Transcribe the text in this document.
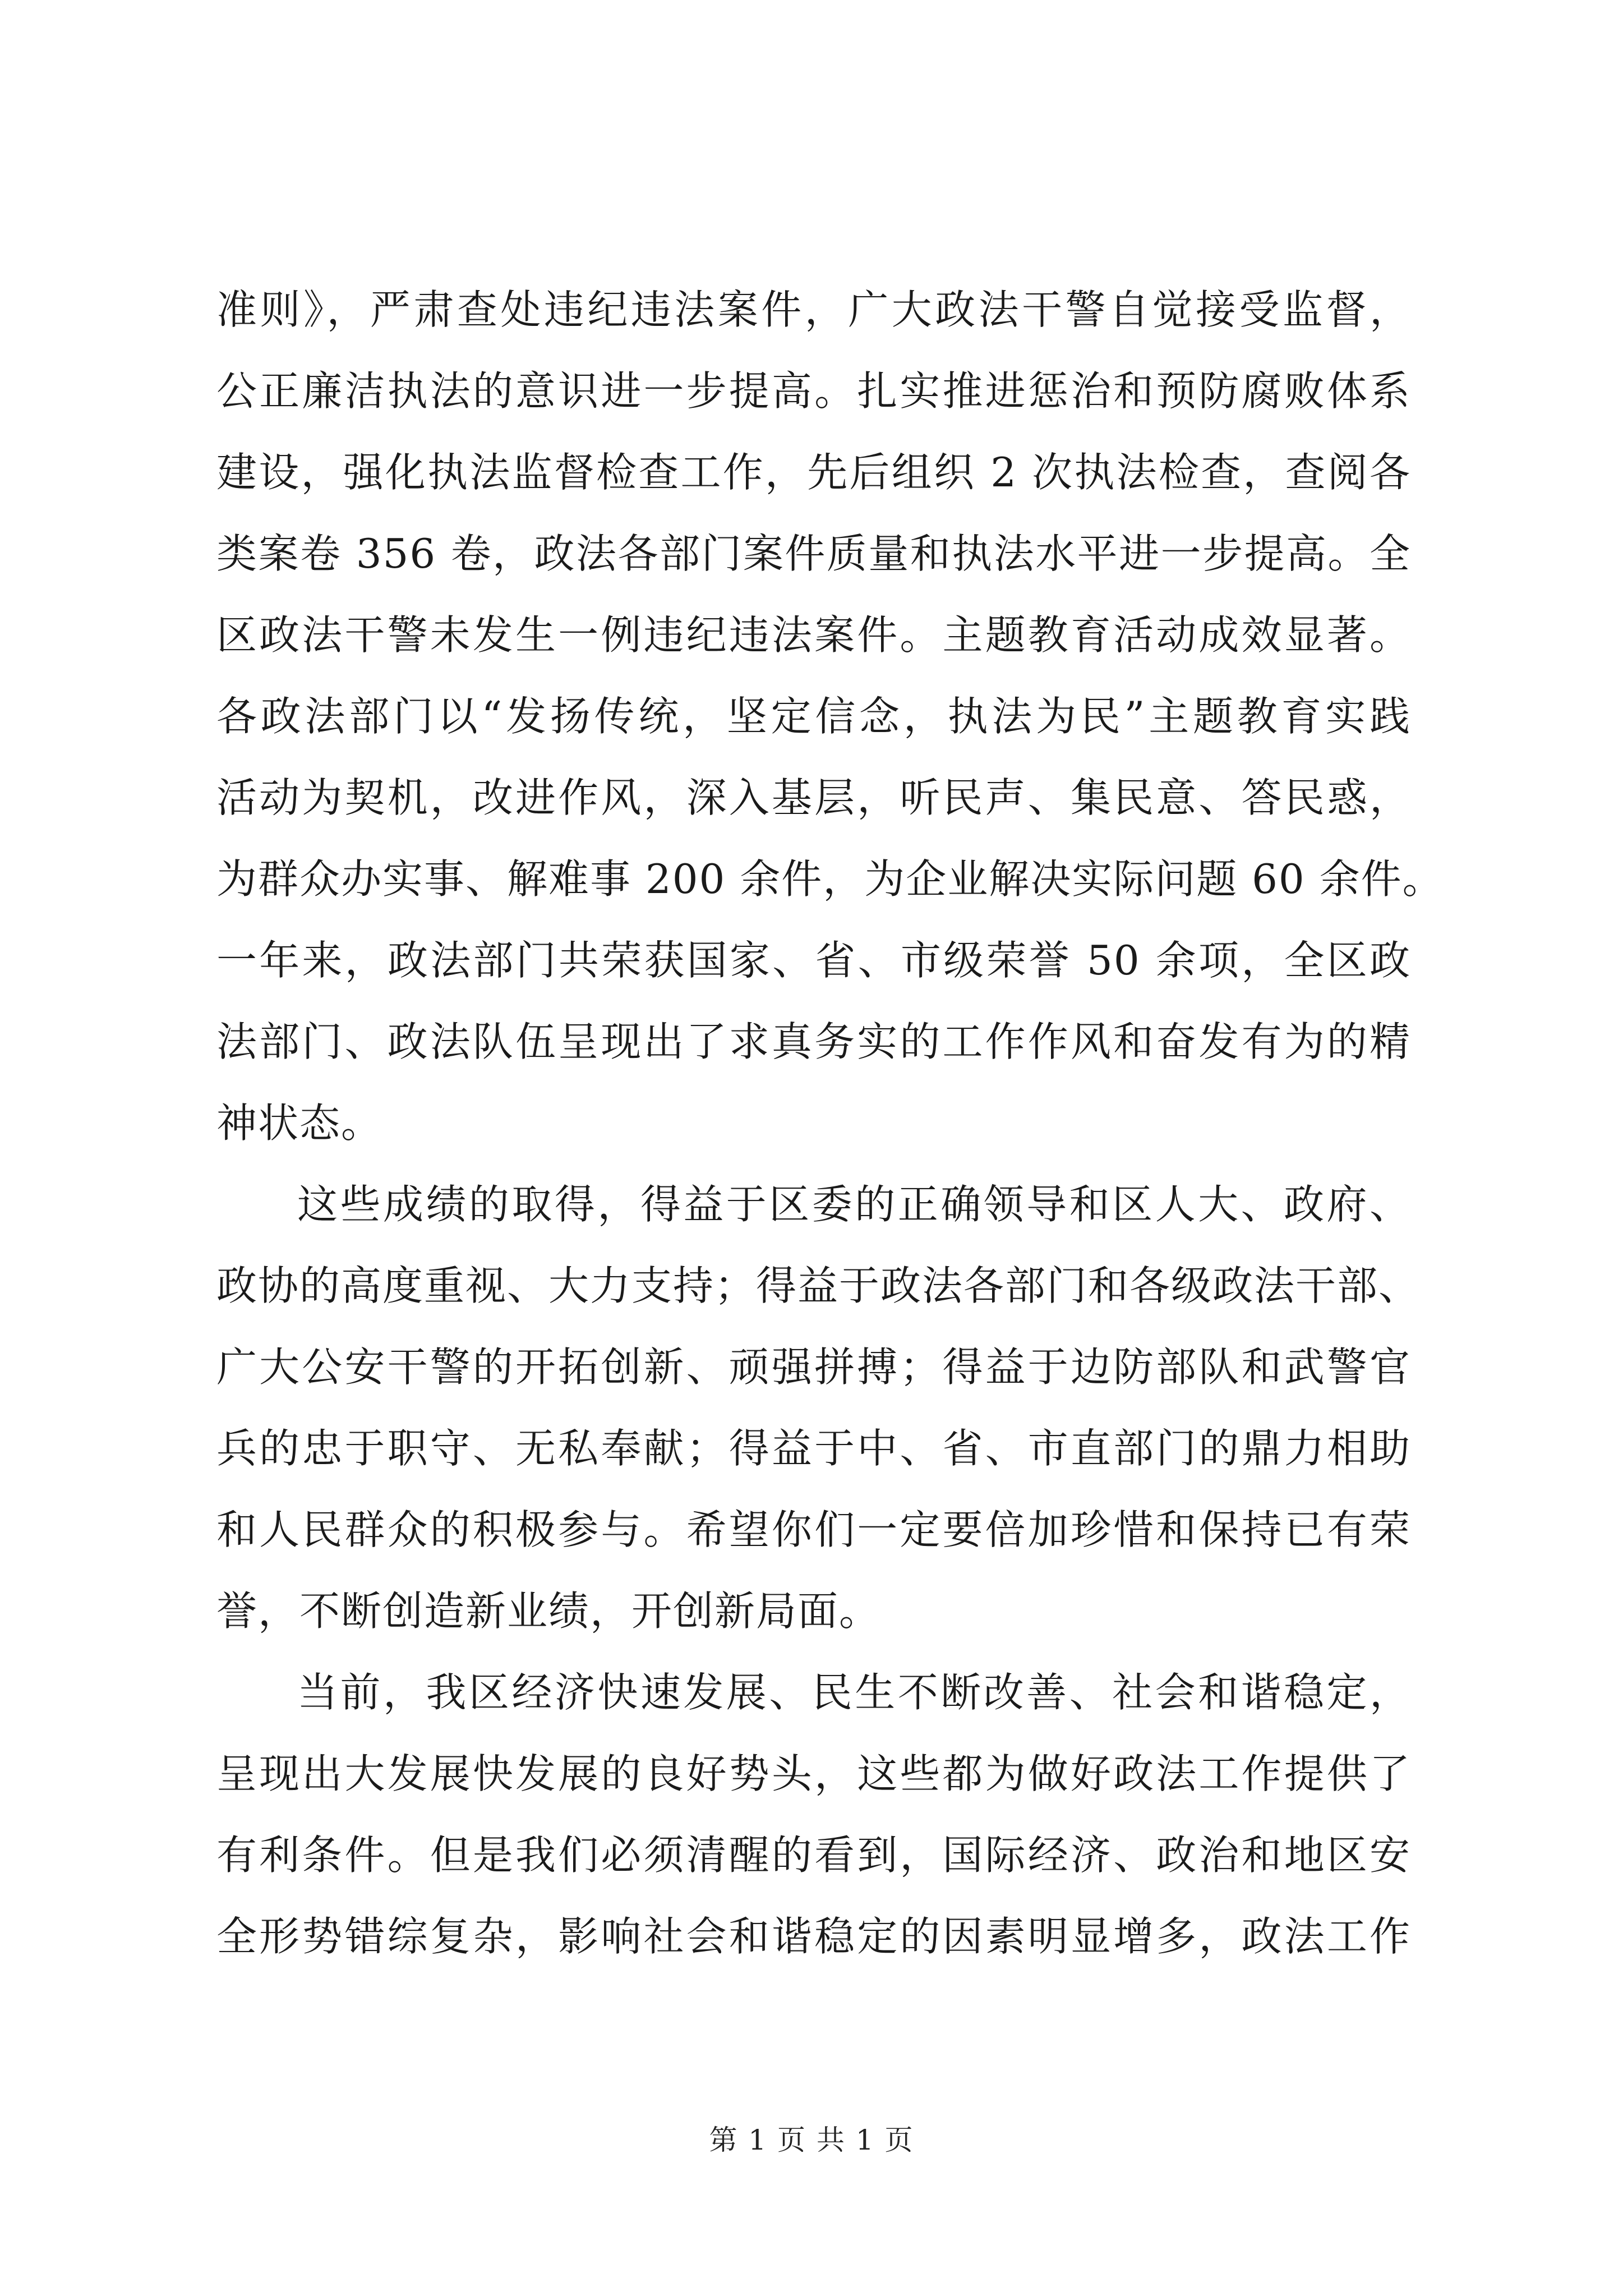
准则》，严肃查处违纪违法案件，广大政法干警自觉接受监督，
公正廉洁执法的意识进一步提高。扎实推进惩治和预防腐败体系
建设，强化执法监督检查工作，先后组织 2 次执法检查，查阅各
类案卷 356 卷，政法各部门案件质量和执法水平进一步提高。全
区政法干警未发生一例违纪违法案件。主题教育活动成效显著。
各政法部门以“发扬传统，坚定信念，执法为民”主题教育实践
活动为契机，改进作风，深入基层，听民声、集民意、答民惑，
为群众办实事、解难事 200 余件，为企业解决实际问题 60 余件。
一年来，政法部门共荣获国家、省、市级荣誉 50 余项，全区政
法部门、政法队伍呈现出了求真务实的工作作风和奋发有为的精
神状态。
这些成绩的取得，得益于区委的正确领导和区人大、政府、
政协的高度重视、大力支持；得益于政法各部门和各级政法干部、
广大公安干警的开拓创新、顽强拼搏；得益于边防部队和武警官
兵的忠于职守、无私奉献；得益于中、省、市直部门的鼎力相助
和人民群众的积极参与。希望你们一定要倍加珍惜和保持已有荣
誉，不断创造新业绩，开创新局面。
当前，我区经济快速发展、民生不断改善、社会和谐稳定，
呈现出大发展快发展的良好势头，这些都为做好政法工作提供了
有利条件。但是我们必须清醒的看到，国际经济、政治和地区安
全形势错综复杂，影响社会和谐稳定的因素明显增多，政法工作
第 1 页 共 1 页
